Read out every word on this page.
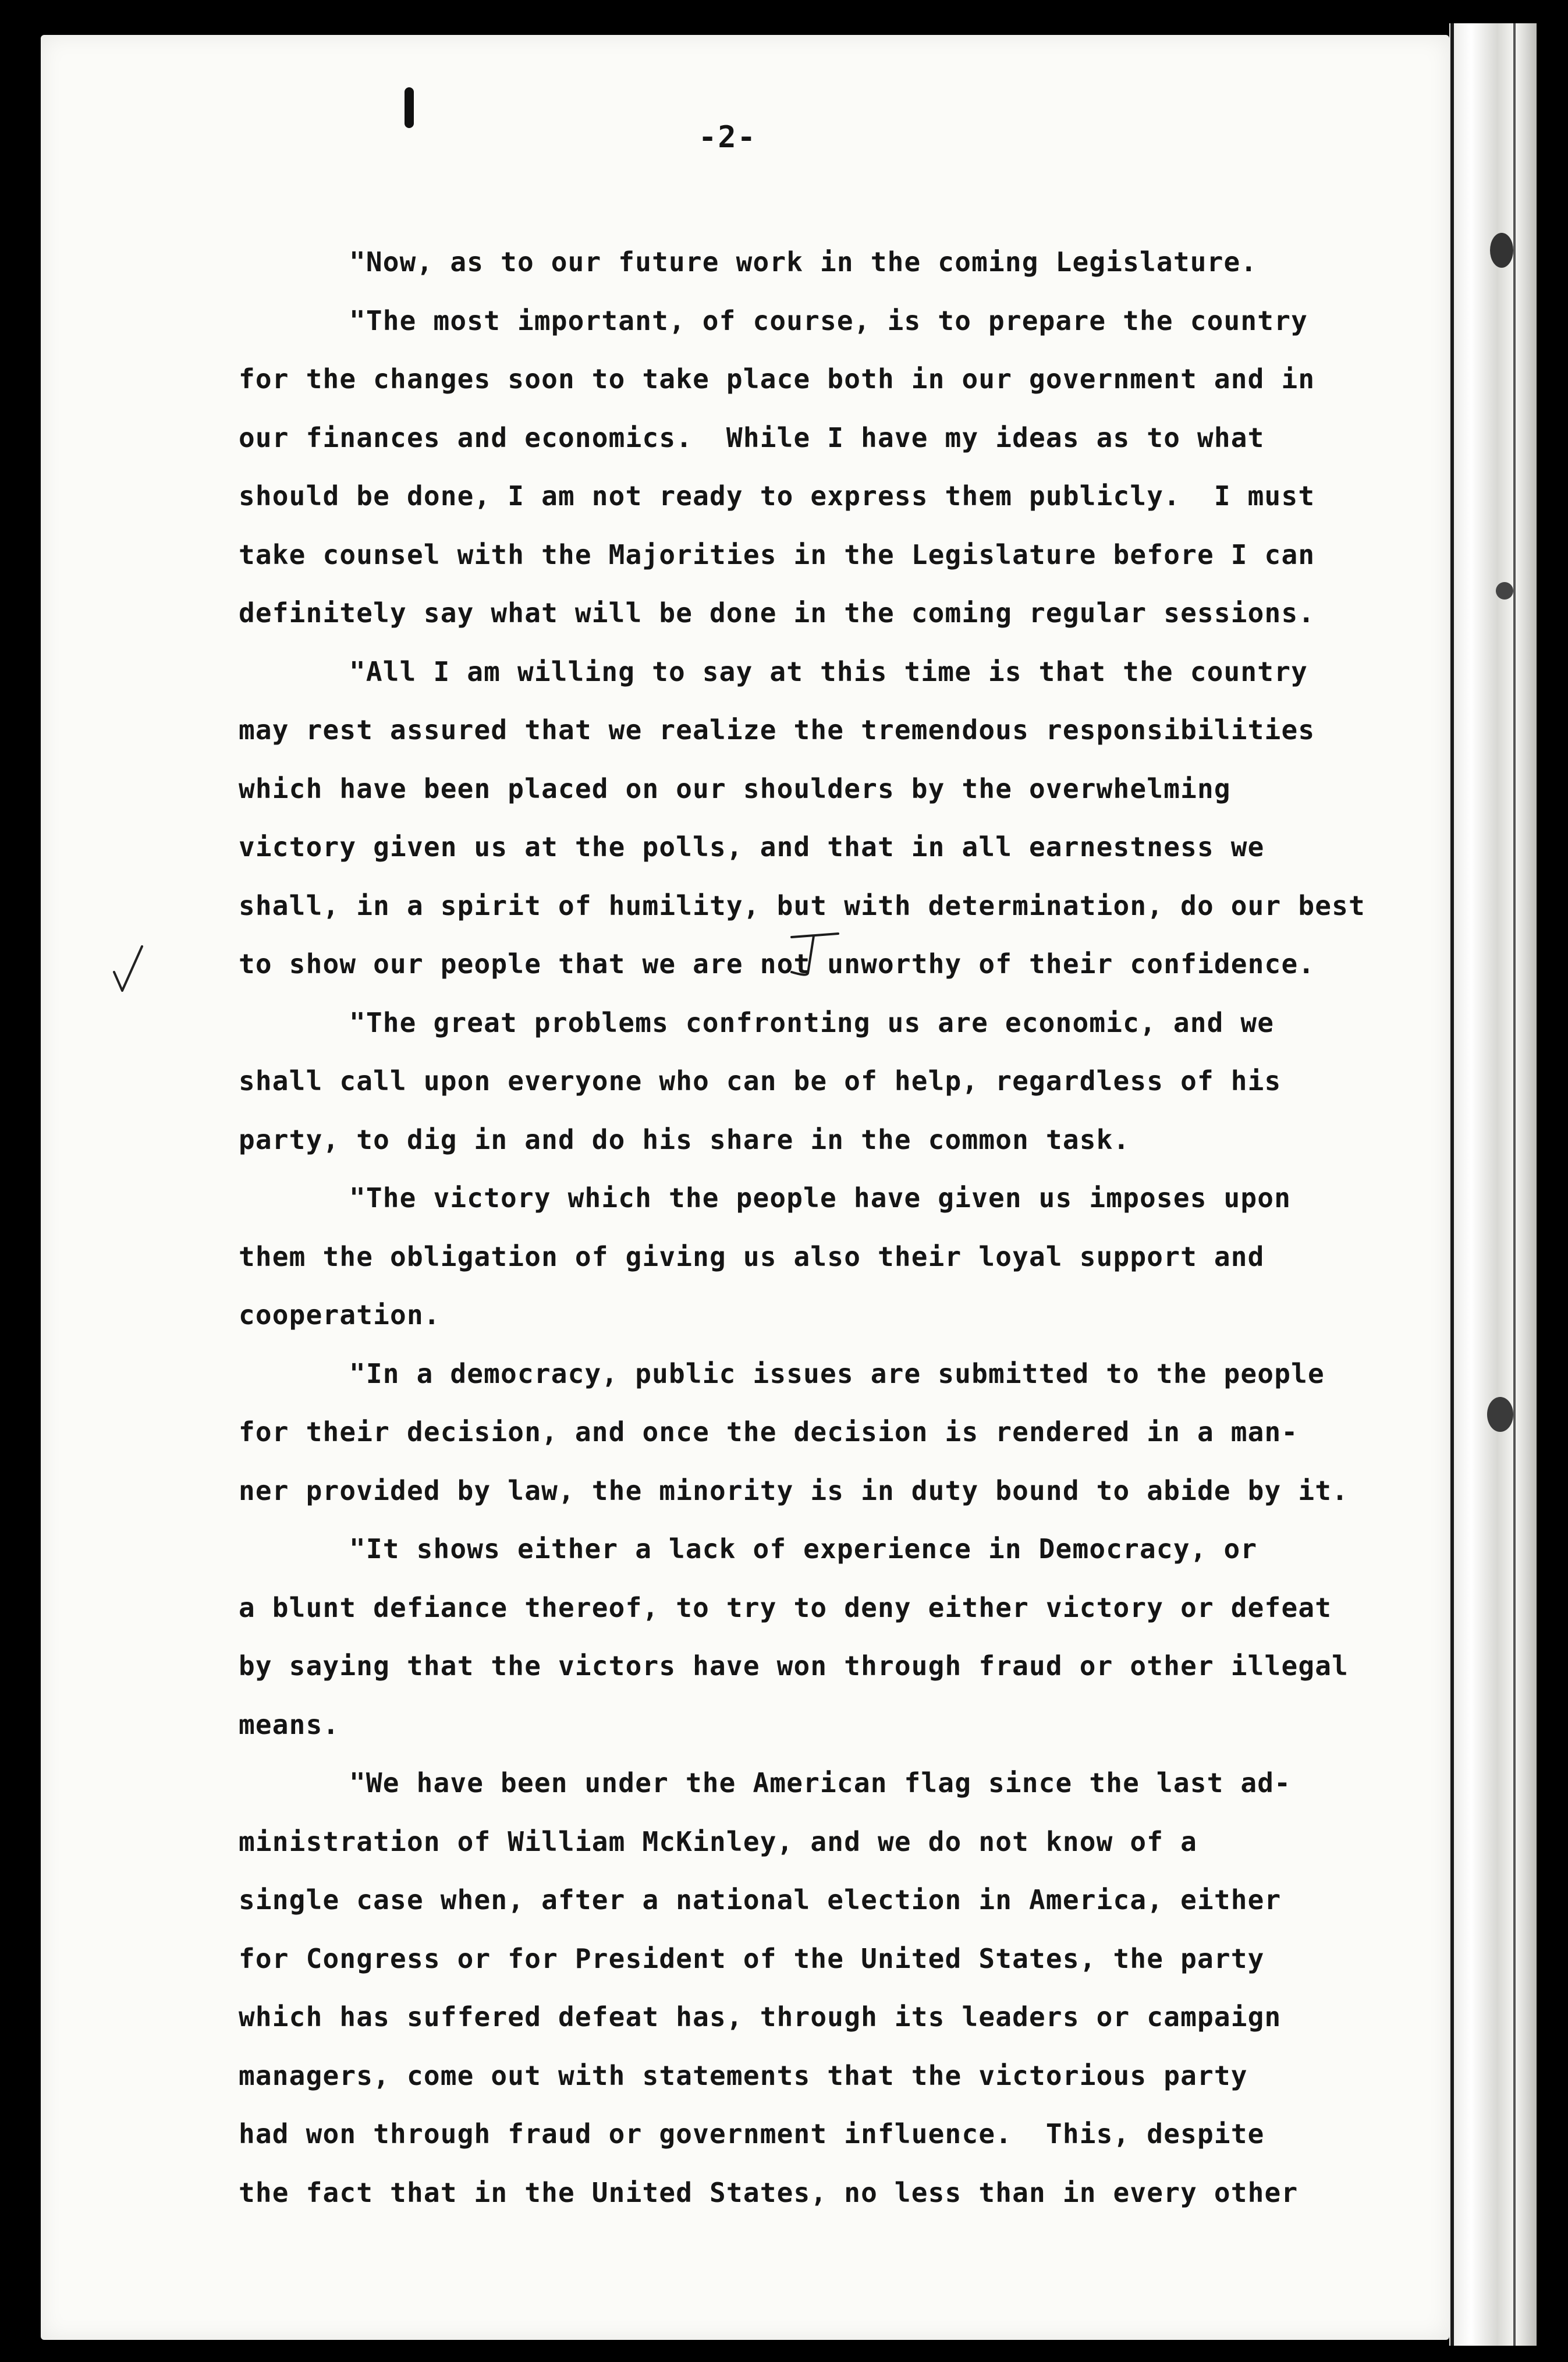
-2-
"Now, as to our future work in the coming Legislature.
"The most important, of course, is to prepare the country
for the changes soon to take place both in our government and in
our finances and economics.  While I have my ideas as to what
should be done, I am not ready to express them publicly.  I must
take counsel with the Majorities in the Legislature before I can
definitely say what will be done in the coming regular sessions.
"All I am willing to say at this time is that the country
may rest assured that we realize the tremendous responsibilities
which have been placed on our shoulders by the overwhelming
victory given us at the polls, and that in all earnestness we
shall, in a spirit of humility, but with determination, do our best
to show our people that we are not unworthy of their confidence.
"The great problems confronting us are economic, and we
shall call upon everyone who can be of help, regardless of his
party, to dig in and do his share in the common task.
"The victory which the people have given us imposes upon
them the obligation of giving us also their loyal support and
cooperation.
"In a democracy, public issues are submitted to the people
for their decision, and once the decision is rendered in a man-
ner provided by law, the minority is in duty bound to abide by it.
"It shows either a lack of experience in Democracy, or
a blunt defiance thereof, to try to deny either victory or defeat
by saying that the victors have won through fraud or other illegal
means.
"We have been under the American flag since the last ad-
ministration of William McKinley, and we do not know of a
single case when, after a national election in America, either
for Congress or for President of the United States, the party
which has suffered defeat has, through its leaders or campaign
managers, come out with statements that the victorious party
had won through fraud or government influence.  This, despite
the fact that in the United States, no less than in every other
